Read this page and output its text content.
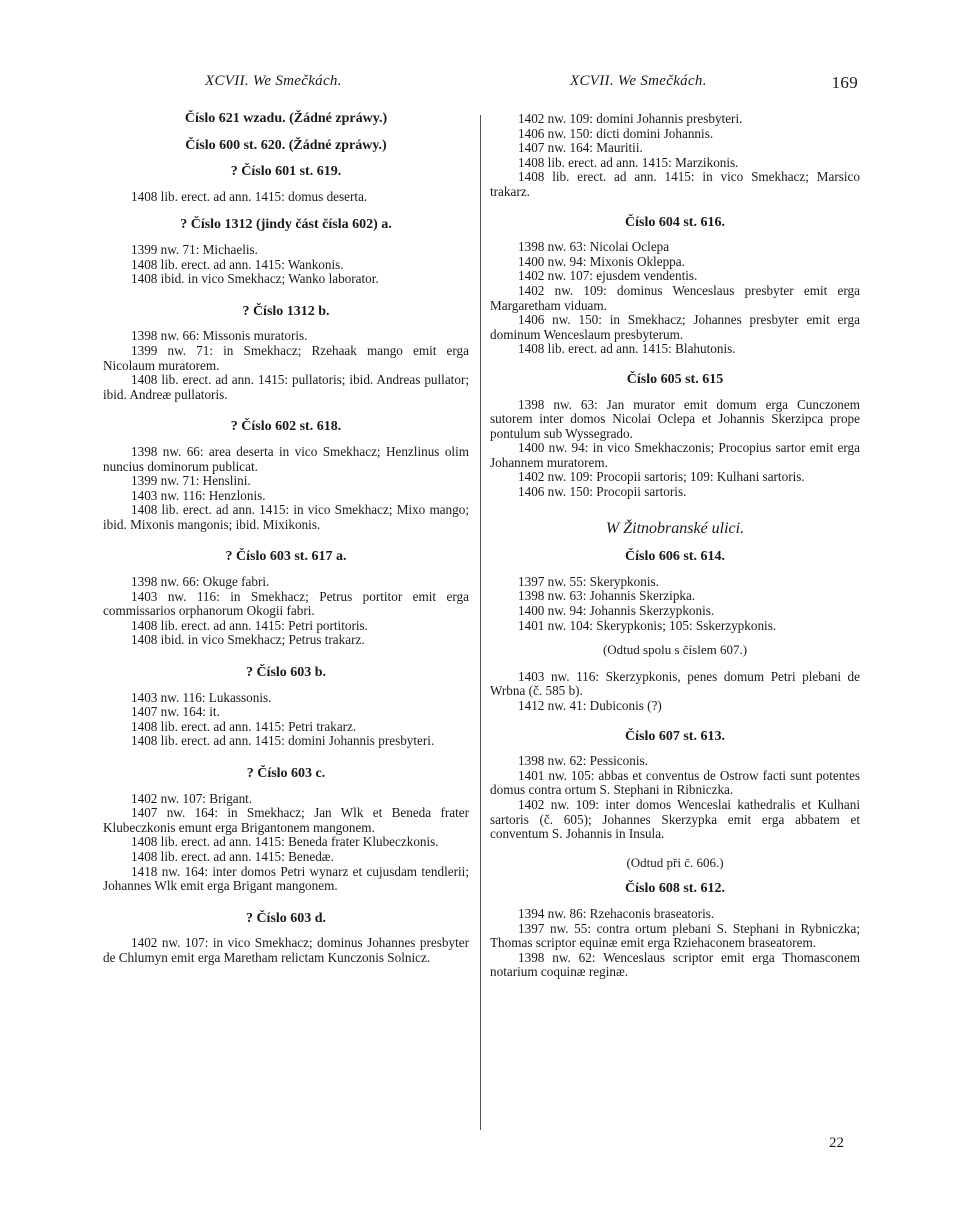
XCVII. We Smečkách.	XCVII. We Smečkách.	169

Číslo 621 wzadu. (Žádné zpráwy.)

Číslo 600 st. 620. (Žádné zpráwy.)

? Číslo 601 st. 619.

1408 lib. erect. ad ann. 1415: domus deserta.

? Číslo 1312 (jindy část čísla 602) a.

1399 nw. 71: Michaelis.

1408 lib. erect. ad ann. 1415: Wankonis.

1408 ibid. in vico Smekhacz; Wanko laborator.

? Číslo 1312 b.

1398 nw. 66: Missonis muratoris.

1399 nw. 71: in Smekhacz; Rzehaak mango emit erga Nicolaum muratorem.

1408 lib. erect. ad ann. 1415: pullatoris; ibid. Andreas pullator; ibid. Andreæ pullatoris.

? Číslo 602 st. 618.

1398 nw. 66: area deserta in vico Smekhacz; Henzlinus olim nuncius dominorum publicat.

1399 nw. 71: Henslini.

1403 nw. 116: Henzlonis.

1408 lib. erect. ad ann. 1415: in vico Smekhacz; Mixo mango; ibid. Mixonis mangonis; ibid. Mixikonis.

? Číslo 603 st. 617 a.

1398 nw. 66: Okuge fabri.

1403 nw. 116: in Smekhacz; Petrus portitor emit erga commissarios orphanorum Okogii fabri.

1408 lib. erect. ad ann. 1415: Petri portitoris.

1408 ibid. in vico Smekhacz; Petrus trakarz.

? Číslo 603 b.

1403 nw. 116: Lukassonis.

1407 nw. 164: it.

1408 lib. erect. ad ann. 1415: Petri trakarz.

1408 lib. erect. ad ann. 1415: domini Johannis presbyteri.

? Číslo 603 c.

1402 nw. 107: Brigant.

1407 nw. 164: in Smekhacz; Jan Wlk et Beneda frater Klubeczkonis emunt erga Brigantonem mangonem.

1408 lib. erect. ad ann. 1415: Beneda frater Klubeczkonis.

1408 lib. erect. ad ann. 1415: Benedæ.

1418 nw. 164: inter domos Petri wynarz et cujusdam tendlerii; Johannes Wlk emit erga Brigant mangonem.

? Číslo 603 d.

1402 nw. 107: in vico Smekhacz; dominus Johannes presbyter de Chlumyn emit erga Maretham relictam Kunczonis Solnicz.

1402 nw. 109: domini Johannis presbyteri.

1406 nw. 150: dicti domini Johannis.

1407 nw. 164: Mauritii.

1408 lib. erect. ad ann. 1415: Marzikonis.

1408 lib. erect. ad ann. 1415: in vico Smekhacz; Marsico trakarz.

Číslo 604 st. 616.

1398 nw. 63: Nicolai Oclepa

1400 nw. 94: Mixonis Okleppa.

1402 nw. 107: ejusdem vendentis.

1402 nw. 109: dominus Wenceslaus presbyter emit erga Margaretham viduam.

1406 nw. 150: in Smekhacz; Johannes presbyter emit erga dominum Wenceslaum presbyterum.

1408 lib. erect. ad ann. 1415: Blahutonis.

Číslo 605 st. 615

1398 nw. 63: Jan murator emit domum erga Cunczonem sutorem inter domos Nicolai Oclepa et Johannis Skerzipca prope pontulum sub Wyssegrado.

1400 nw. 94: in vico Smekhaczonis; Procopius sartor emit erga Johannem muratorem.

1402 nw. 109: Procopii sartoris; 109: Kulhani sartoris.

1406 nw. 150: Procopii sartoris.

W Žitnobranské ulici.

Číslo 606 st. 614.

1397 nw. 55: Skerypkonis.

1398 nw. 63: Johannis Skerzipka.

1400 nw. 94: Johannis Skerzypkonis.

1401 nw. 104: Skerypkonis; 105: Sskerzypkonis.

(Odtud spolu s číslem 607.)

1403 nw. 116: Skerzypkonis, penes domum Petri plebani de Wrbna (č. 585 b).

1412 nw. 41: Dubiconis (?)

Číslo 607 st. 613.

1398 nw. 62: Pessiconis.

1401 nw. 105: abbas et conventus de Ostrow facti sunt potentes domus contra ortum S. Stephani in Ribniczka.

1402 nw. 109: inter domos Wenceslai kathedralis et Kulhani sartoris (č. 605); Johannes Skerzypka emit erga abbatem et conventum S. Johannis in Insula.

(Odtud při č. 606.)

Číslo 608 st. 612.

1394 nw. 86: Rzehaconis braseatoris.

1397 nw. 55: contra ortum plebani S. Stephani in Rybniczka; Thomas scriptor equinæ emit erga Rziehaconem braseatorem.

1398 nw. 62: Wenceslaus scriptor emit erga Thomasconem notarium coquinæ reginæ.

22
